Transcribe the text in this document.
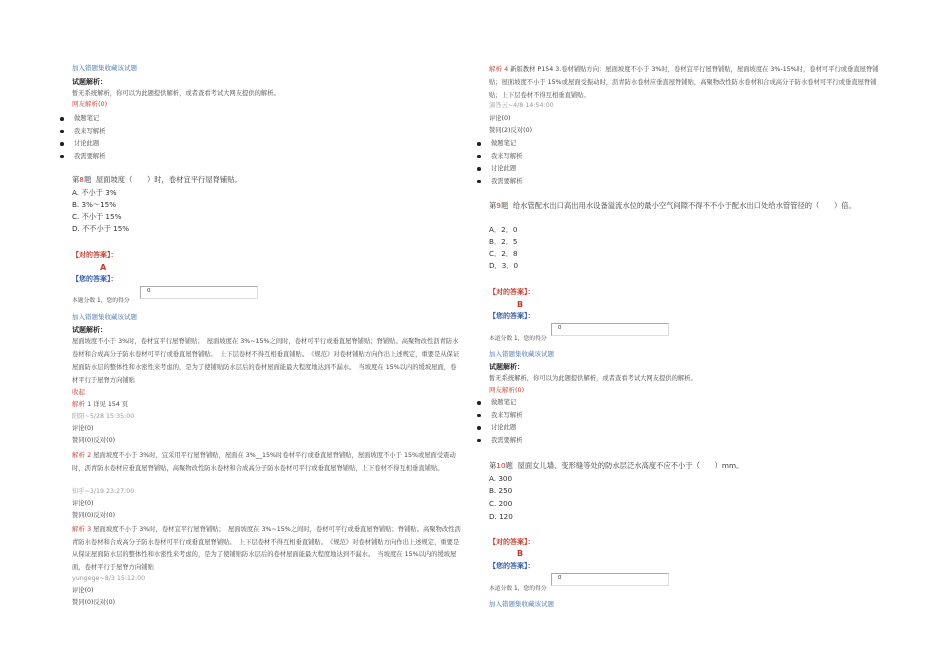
加入错题集收藏该试题
试题解析：
暂无系统解析，你可以为此题提供解析，或者查看考试大网友提供的解析。
网友解析(0)
做题笔记
我来写解析
讨论此题
我需要解析
第8题 屋面坡度（　　）时，卷材宜平行屋脊铺贴。
A. 不小于 3%
B. 3%～15%
C. 不小于 15%
D. 不不小于 15%
【对的答案】：
A
【您的答案】：
0
本题分数 1，您的得分
加入错题集收藏该试题
试题解析：
屋面坡度不小于 3%时，卷材宜平行屋脊铺贴；　屋面坡度在 3%~15%之间时，卷材可平行或垂直屋脊铺贴；脊铺贴。高聚物改性沥青防水卷材和合成高分子防水卷材可平行或垂直屋脊铺贴。　上下层卷材不得互相垂直铺贴。　《规范》对卷材铺贴方向作出上述规定，重要是从保证屋面防水层的整体性和水密性来考虑的，是为了使铺贴防水层后的卷材屋面能最大程度地达到不漏水。　当坡度在 15%以内的缓坡屋面，卷材平行于屋脊方向铺贴
收起
解析 1 详见 154 页
阳阳~5/28 15:35:00
评论(0)
赞同(0)反对(0)
解析 2 屋面坡度不小于 3%时，宜采用平行屋脊铺贴，屋面在 3%__15%时卷材平行或垂直屋脊铺贴，屋面坡度不小于 15%或屋面受震动时，沥青防水卷材应垂直屋脊铺贴，高聚物改性防水卷材和合成高分子防水卷材可平行或垂直屋脊铺贴，上下卷材不得互相垂直铺贴。
知乎~3/19 23:27:00
评论(0)
赞同(0)反对(0)
解析 3 屋面坡度不小于 3%时，卷材宜平行屋脊铺贴；　屋面坡度在 3%~15%之间时，卷材可平行或垂直屋脊铺贴；脊铺贴。高聚物改性沥青防水卷材和合成高分子防水卷材可平行或垂直屋脊铺贴。　上下层卷材不得互相垂直铺贴。　《规范》对卷材铺贴方向作出上述规定，重要是从保证屋面防水层的整体性和水密性来考虑的，是为了使铺贴防水层后的卷材屋面能最大程度地达到不漏水。　当坡度在 15%以内的缓坡屋面，卷材平行于屋脊方向铺贴
yungege~8/3 15:12:00
评论(0)
赞同(0)反对(0)
解析 4 新版教材 P154 3.卷材铺贴方向：屋面坡度不小于 3%时，卷材宜平行屋脊铺贴，屋面坡度在 3%-15%时，卷材可平行或垂直屋脊铺贴；屋面坡度不小于 15%或屋面受振动时，沥青防水卷材应垂直屋脊铺贴，高聚物改性防水卷材和合成高分子防水卷材可平行或垂直屋脊铺贴；上下层卷材不得互相垂直铺贴。
滴答云~4/8 14:54:00
评论(0)
赞同(2)反对(0)
做题笔记
我来写解析
讨论此题
我需要解析
第9题 给水管配水出口高出用水设备溢流水位的最小空气间隙不得不不小于配水出口处给水管管径的（　　）倍。
A．2．0
B．2．5
C．2．8
D．3．0
【对的答案】：
B
【您的答案】：
0
本道分数 1，您的得分
加入错题集收藏该试题
试题解析：
暂无系统解析，你可以为此题提供解析，或者查看考试大网友提供的解析。
网友解析(0)
做题笔记
我来写解析
讨论此题
我需要解析
第10题 屋面女儿墙、变形缝等处的防水层泛水高度不应不小于（　　）mm。
A. 300
B. 250
C. 200
D. 120
【对的答案】：
B
【您的答案】：
0
本道分数 1，您的得分
加入错题集收藏该试题
